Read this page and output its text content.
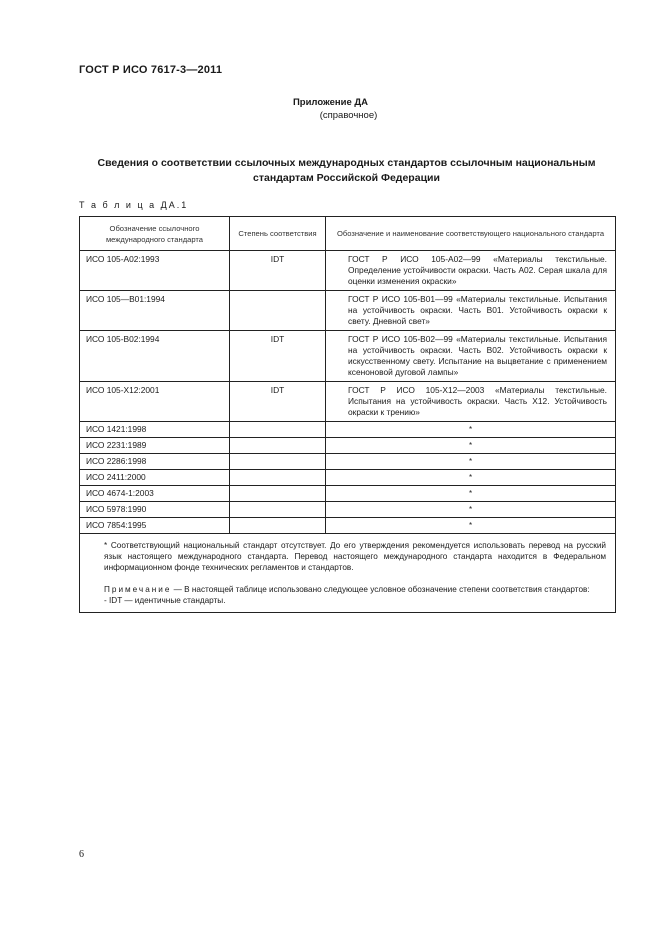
ГОСТ Р ИСО 7617-3—2011
Приложение ДА
(справочное)
Сведения о соответствии ссылочных международных стандартов ссылочным национальным
стандартам Российской Федерации
Т а б л и ц а ДА.1
Обозначение ссылочного международного стандарта	Степень соответствия	Обозначение и наименование соответствующего национального стандарта
ИСО 105-А02:1993	IDT	ГОСТ Р ИСО 105-А02—99 «Материалы текстильные. Определение устойчивости окраски. Часть А02. Серая шкала для оценки изменения окраски»

ИСО 105—В01:1994		ГОСТ Р ИСО 105-В01—99 «Материалы текстильные. Испытания на устойчивость окраски. Часть В01. Устойчивость окраски к свету. Дневной свет»

ИСО 105-В02:1994	IDT	ГОСТ Р ИСО 105-В02—99 «Материалы текстильные. Испытания на устойчивость окраски. Часть В02. Устойчивость окраски к искусственному свету. Испытание на выцветание с применением ксеноновой дуговой лампы»

ИСО 105-Х12:2001	IDT	ГОСТ Р ИСО 105-Х12—2003 «Материалы текстильные. Испытания на устойчивость окраски. Часть Х12. Устойчивость окраски к трению»

ИСО 1421:1998		*
ИСО 2231:1989		*
ИСО 2286:1998		*
ИСО 2411:2000		*
ИСО 4674-1:2003		*
ИСО 5978:1990		*
ИСО 7854:1995		*

* Соответствующий национальный стандарт отсутствует. До его утверждения рекомендуется использовать перевод на русский язык настоящего международного стандарта. Перевод настоящего международного стандарта находится в Федеральном информационном фонде технических регламентов и стандартов.

Примечание — В настоящей таблице использовано следующее условное обозначение степени соответствия стандартов:

- IDT — идентичные стандарты.		

6
